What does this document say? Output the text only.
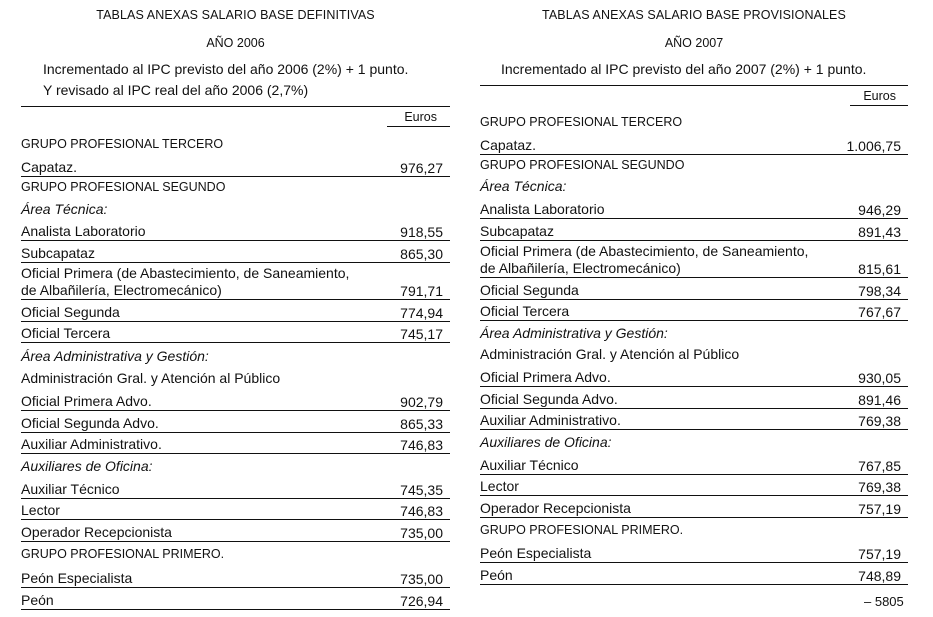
TABLAS ANEXAS SALARIO BASE DEFINITIVAS
AÑO 2006
Incrementado al IPC previsto del año 2006 (2%) + 1 punto.
Y revisado al IPC real del año 2006 (2,7%)
Euros
GRUPO PROFESIONAL TERCERO
Capataz.	976,27
GRUPO PROFESIONAL SEGUNDO
Área Técnica:
Analista Laboratorio	918,55
Subcapataz	865,30
Oficial Primera (de Abastecimiento, de Saneamiento,
de Albañilería, Electromecánico)	791,71
Oficial Segunda	774,94
Oficial Tercera	745,17
Área Administrativa y Gestión:
Administración Gral. y Atención al Público
Oficial Primera Advo.	902,79
Oficial Segunda Advo.	865,33
Auxiliar Administrativo.	746,83
Auxiliares de Oficina:
Auxiliar Técnico	745,35
Lector	746,83
Operador Recepcionista	735,00
GRUPO PROFESIONAL PRIMERO.
Peón Especialista	735,00
Peón	726,94
TABLAS ANEXAS SALARIO BASE PROVISIONALES
AÑO 2007
Incrementado al IPC previsto del año 2007 (2%) + 1 punto.
Euros
GRUPO PROFESIONAL TERCERO
Capataz.	1.006,75
GRUPO PROFESIONAL SEGUNDO
Área Técnica:
Analista Laboratorio	946,29
Subcapataz	891,43
Oficial Primera (de Abastecimiento, de Saneamiento,
de Albañilería, Electromecánico)	815,61
Oficial Segunda	798,34
Oficial Tercera	767,67
Área Administrativa y Gestión:
Administración Gral. y Atención al Público
Oficial Primera Advo.	930,05
Oficial Segunda Advo.	891,46
Auxiliar Administrativo.	769,38
Auxiliares de Oficina:
Auxiliar Técnico	767,85
Lector	769,38
Operador Recepcionista	757,19
GRUPO PROFESIONAL PRIMERO.
Peón Especialista	757,19
Peón	748,89
– 5805
